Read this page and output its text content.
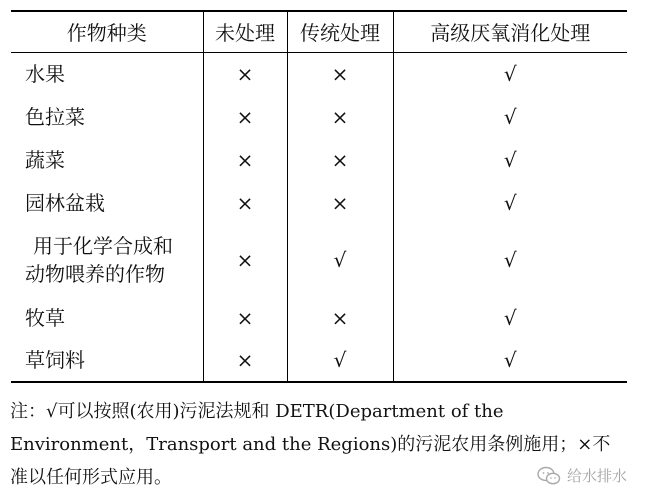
作物种类	未处理	传统处理	高级厌氧消化处理
水果	×	×	√
色拉菜	×	×	√
蔬菜	×	×	√
园林盆栽	×	×	√

用于化学合成和
动物喂养的作物	×	√	√
牧草	×	×	√
草饲料	×	√	√

注：√可以按照(农用)污泥法规和 DETR(Department of the Environment，Transport and the Regions)的污泥农用条例施用；×不准以任何形式应用。	给水排水
